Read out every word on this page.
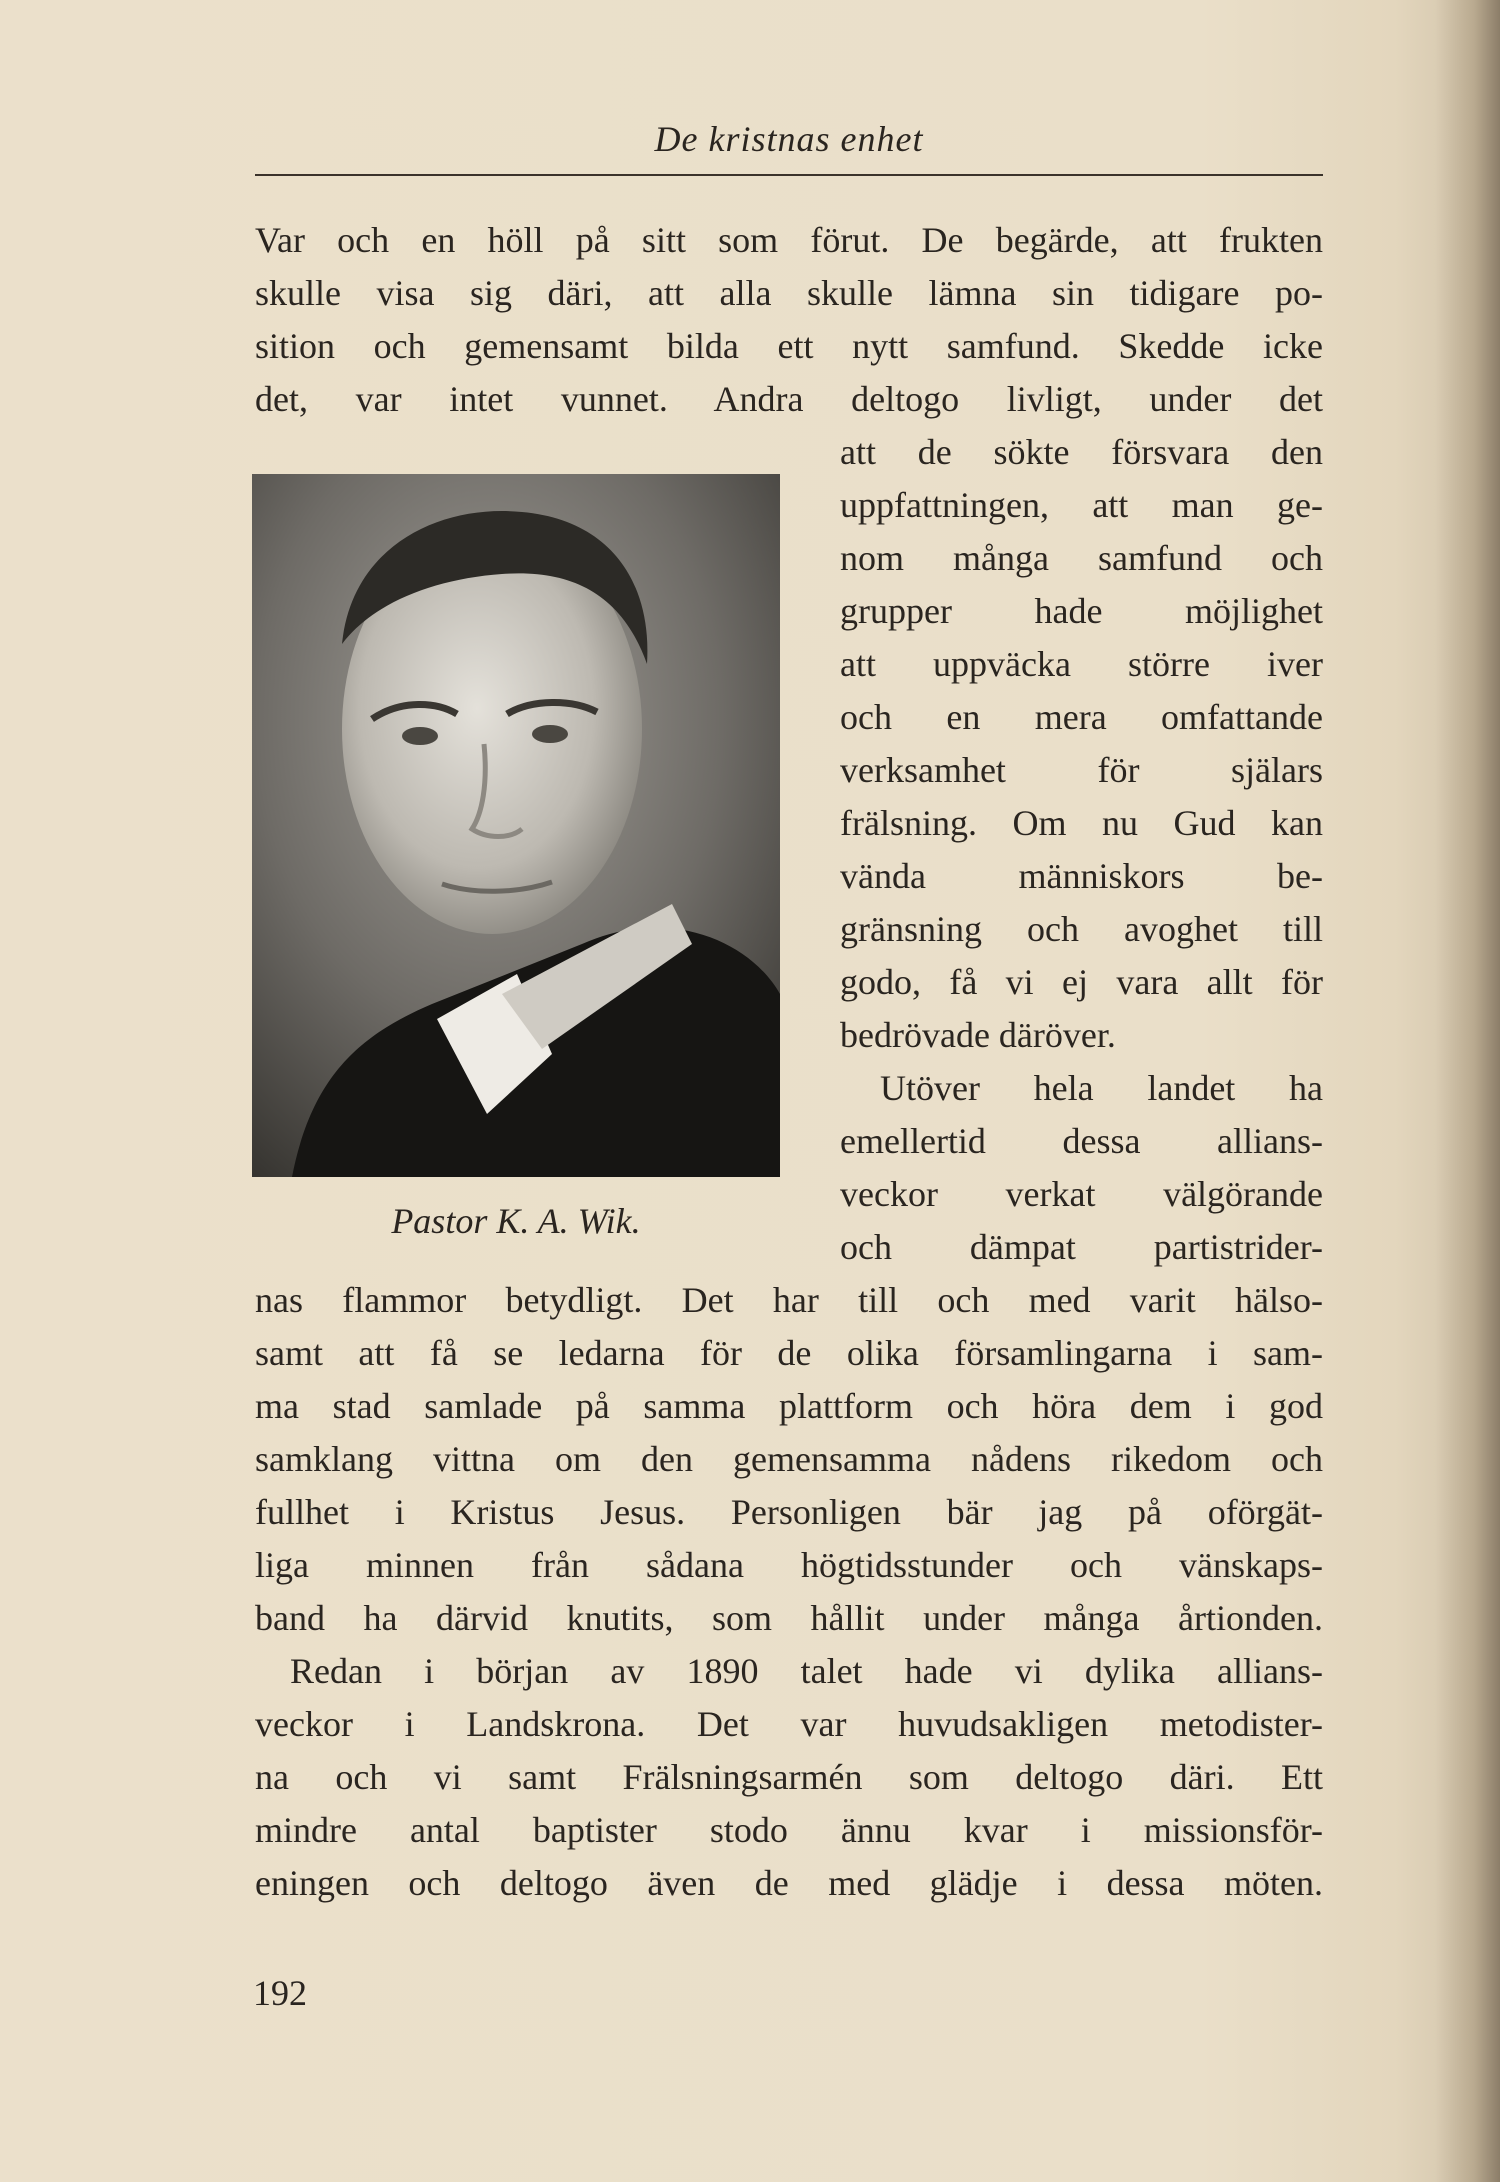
De kristnas enhet
Var och en höll på sitt som förut. De begärde, att frukten
skulle visa sig däri, att alla skulle lämna sin tidigare po-
sition och gemensamt bilda ett nytt samfund. Skedde icke
det, var intet vunnet. Andra deltogo livligt, under det
att de sökte försvara den
uppfattningen, att man ge-
nom många samfund och
grupper hade möjlighet
att uppväcka större iver
och en mera omfattande
verksamhet för själars
frälsning. Om nu Gud kan
vända människors be-
gränsning och avoghet till
godo, få vi ej vara allt för
bedrövade däröver.
Utöver hela landet ha
emellertid dessa allians-
veckor verkat välgörande
och dämpat partistrider-
nas flammor betydligt. Det har till och med varit hälso-
samt att få se ledarna för de olika församlingarna i sam-
ma stad samlade på samma plattform och höra dem i god
samklang vittna om den gemensamma nådens rikedom och
fullhet i Kristus Jesus. Personligen bär jag på oförgät-
liga minnen från sådana högtidsstunder och vänskaps-
band ha därvid knutits, som hållit under många årtionden.
Redan i början av 1890 talet hade vi dylika allians-
veckor i Landskrona. Det var huvudsakligen metodister-
na och vi samt Frälsningsarmén som deltogo däri. Ett
mindre antal baptister stodo ännu kvar i missionsför-
eningen och deltogo även de med glädje i dessa möten.
Pastor K. A. Wik.
192
